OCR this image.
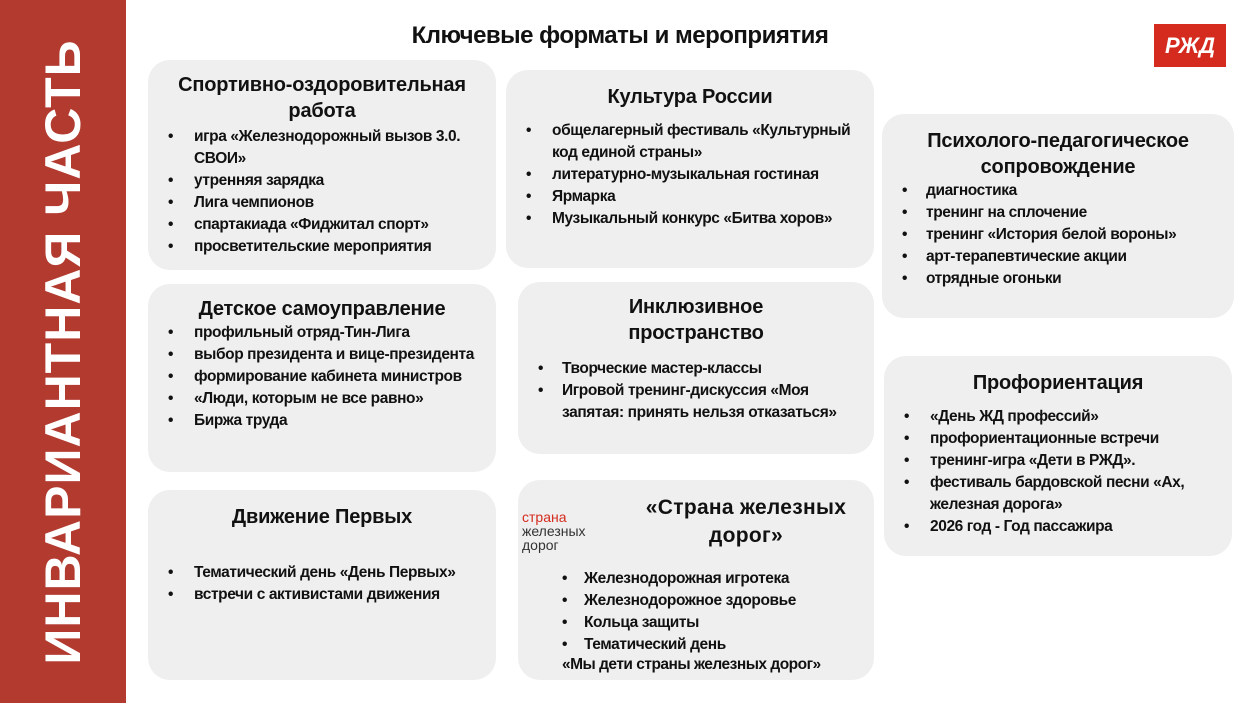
ИНВАРИАНТНАЯ ЧАСТЬ
Ключевые форматы и мероприятия	РЖД
Спортивно-оздоровительная работа
• игра «Железнодорожный вызов 3.0. СВОИ»
• утренняя зарядка
• Лига чемпионов
• спартакиада «Фиджитал спорт»
• просветительские мероприятия
Культура России
• общелагерный фестиваль «Культурный код единой страны»
• литературно-музыкальная гостиная
• Ярмарка
• Музыкальный конкурс «Битва хоров»
Психолого-педагогическое сопровождение
• диагностика
• тренинг на сплочение
• тренинг «История белой вороны»
• арт-терапевтические акции
• отрядные огоньки
Детское самоуправление
• профильный отряд-Тин-Лига
• выбор президента и вице-президента
• формирование кабинета министров
• «Люди, которым не все равно»
• Биржа труда
Инклюзивное пространство
• Творческие мастер-классы
• Игровой тренинг-дискуссия «Моя запятая: принять нельзя отказаться»
Профориентация
• «День ЖД профессий»
• профориентационные встречи
• тренинг-игра «Дети в РЖД».
• фестиваль бардовской песни «Ах, железная дорога»
• 2026 год - Год пассажира
Движение Первых
• Тематический день «День Первых»
• встречи с активистами движения
страна
железных
дорог
«Страна железных дорог»
• Железнодорожная игротека
• Железнодорожное здоровье
• Кольца защиты
• Тематический день
«Мы дети страны железных дорог»
